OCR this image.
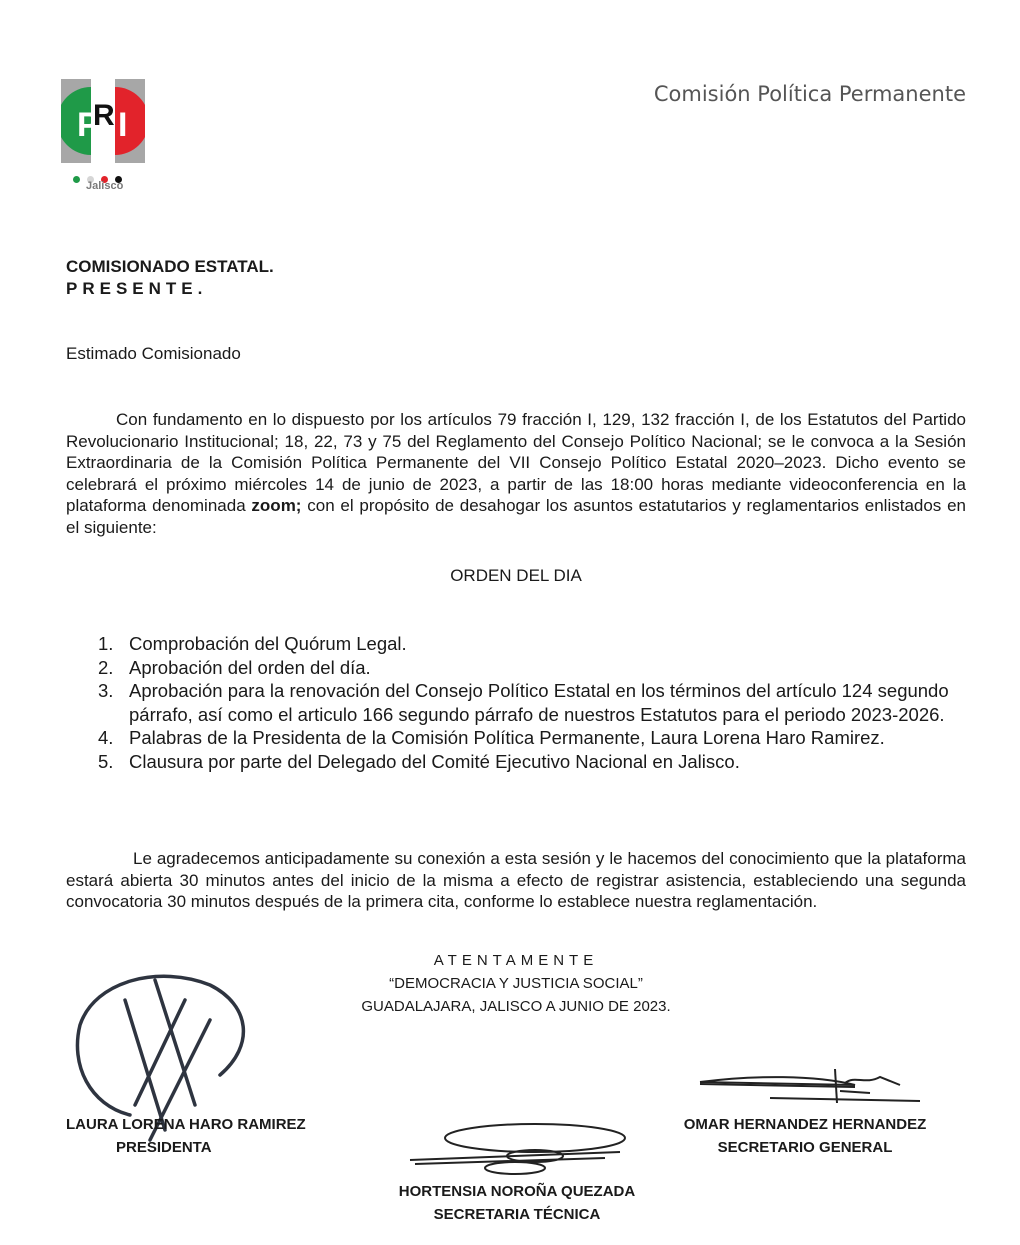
P
R I
Jalisco
Comisión Política Permanente
COMISIONADO ESTATAL.
PRESENTE.
Estimado Comisionado
Con fundamento en lo dispuesto por los artículos 79 fracción I, 129, 132 fracción I, de los Estatutos del Partido Revolucionario Institucional; 18, 22, 73 y 75 del Reglamento del Consejo Político Nacional; se le convoca a la Sesión Extraordinaria de la Comisión Política Permanente del VII Consejo Político Estatal 2020–2023. Dicho evento se celebrará el próximo miércoles 14 de junio de 2023, a partir de las 18:00 horas mediante videoconferencia en la plataforma denominada zoom; con el propósito de desahogar los asuntos estatutarios y reglamentarios enlistados en el siguiente:
ORDEN DEL DIA
1. Comprobación del Quórum Legal.
2. Aprobación del orden del día.
3. Aprobación para la renovación del Consejo Político Estatal en los términos del artículo 124 segundo párrafo, así como el articulo 166 segundo párrafo de nuestros Estatutos para el periodo 2023-2026.
4. Palabras de la Presidenta de la Comisión Política Permanente, Laura Lorena Haro Ramirez.
5. Clausura por parte del Delegado del Comité Ejecutivo Nacional en Jalisco.
Le agradecemos anticipadamente su conexión a esta sesión y le hacemos del conocimiento que la plataforma estará abierta 30 minutos antes del inicio de la misma a efecto de registrar asistencia, estableciendo una segunda convocatoria 30 minutos después de la primera cita, conforme lo establece nuestra reglamentación.
ATENTAMENTE
“DEMOCRACIA Y JUSTICIA SOCIAL”
GUADALAJARA, JALISCO A JUNIO DE 2023.
LAURA LORENA HARO RAMIREZ
PRESIDENTA
HORTENSIA NOROÑA QUEZADA
SECRETARIA TÉCNICA
OMAR HERNANDEZ HERNANDEZ
SECRETARIO GENERAL
